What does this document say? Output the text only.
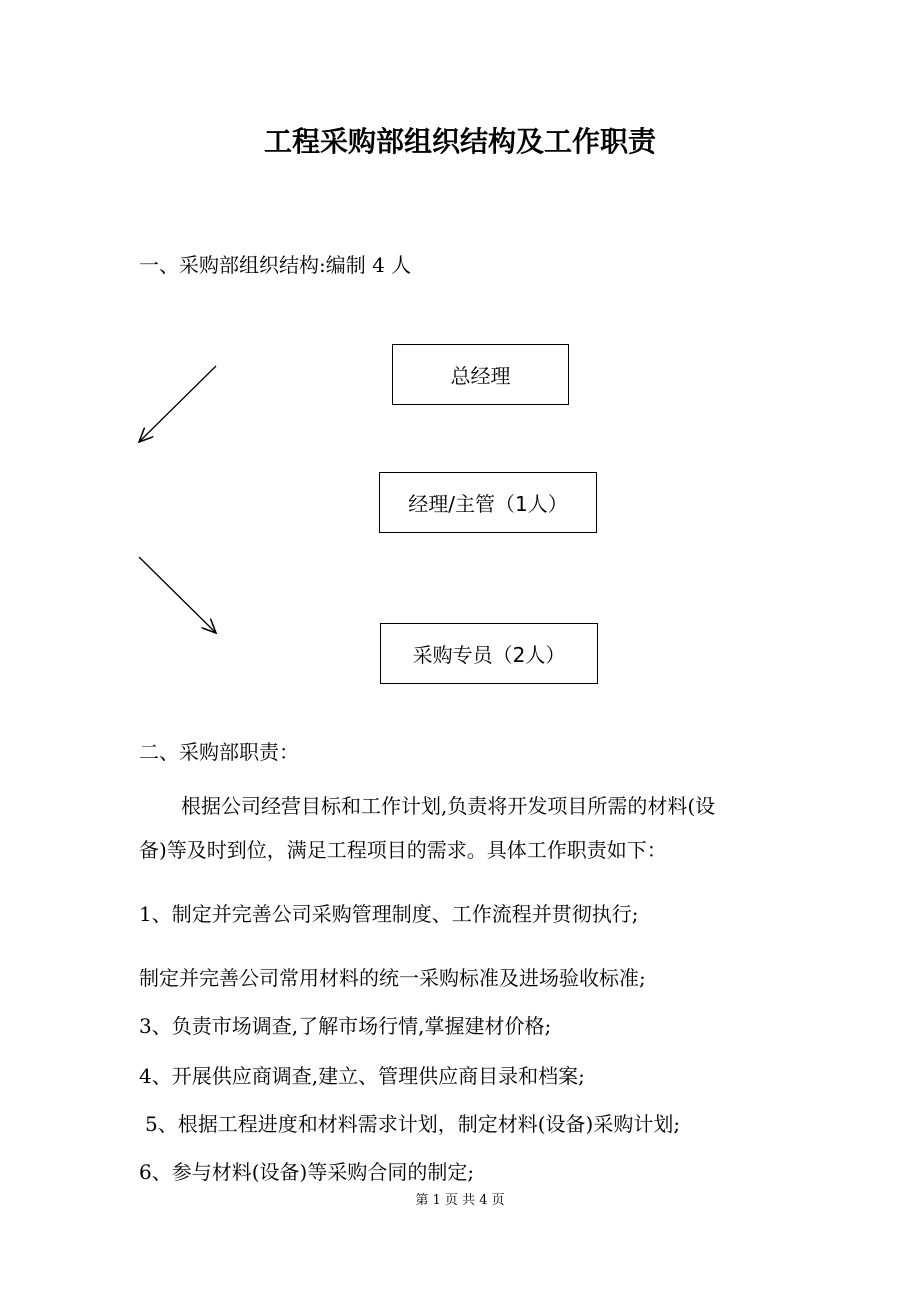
工程采购部组织结构及工作职责
一、采购部组织结构:编制 4 人
总经理
经理/主管（1人）
采购专员（2人）
二、采购部职责：
根据公司经营目标和工作计划,负责将开发项目所需的材料(设
备)等及时到位，满足工程项目的需求。具体工作职责如下：
1、制定并完善公司采购管理制度、工作流程并贯彻执行;
制定并完善公司常用材料的统一采购标准及进场验收标准;
3、负责市场调查,了解市场行情,掌握建材价格;
4、开展供应商调查,建立、管理供应商目录和档案;
5、根据工程进度和材料需求计划，制定材料(设备)采购计划;
6、参与材料(设备)等采购合同的制定;
第 1 页 共 4 页
